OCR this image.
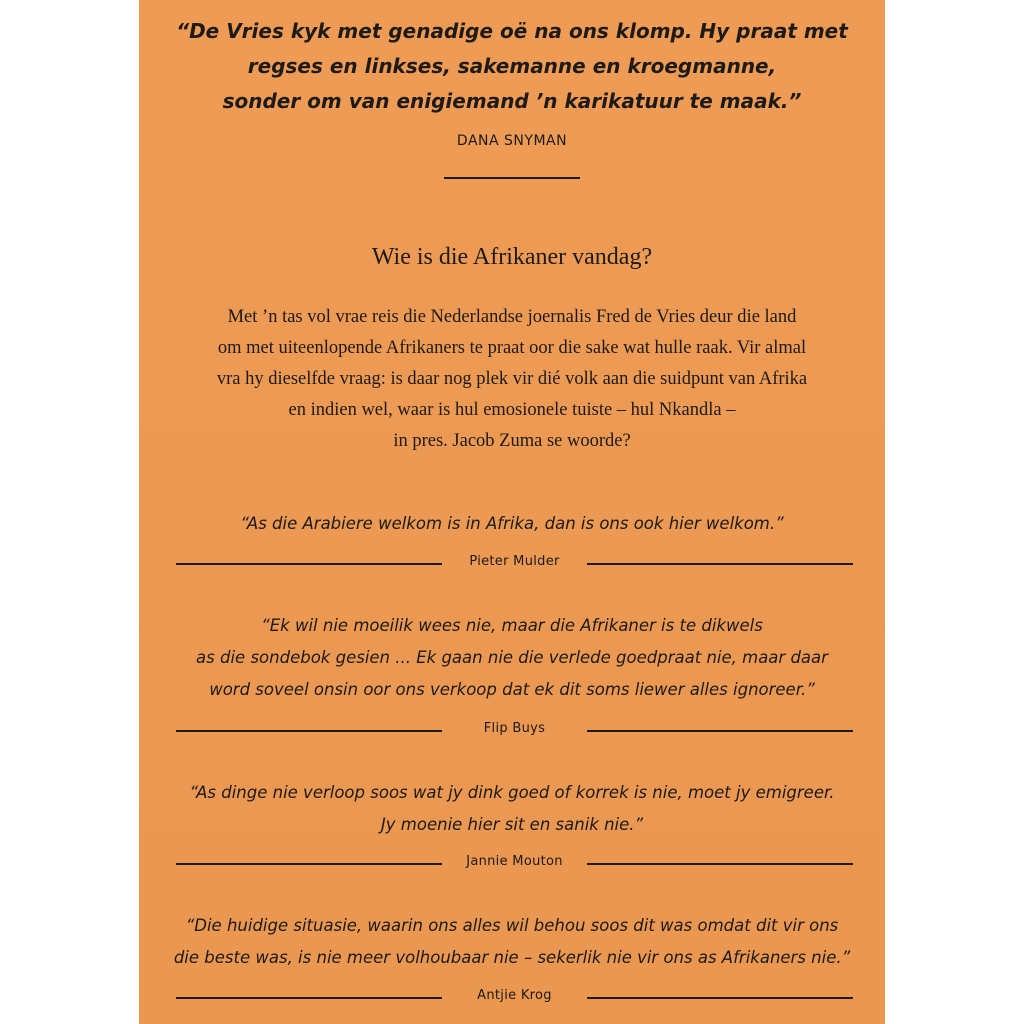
“De Vries kyk met genadige oë na ons klomp. Hy praat met
regses en linkses, sakemanne en kroegmanne,
sonder om van enigiemand ’n karikatuur te maak.”
DANA SNYMAN
Wie is die Afrikaner vandag?
Met ’n tas vol vrae reis die Nederlandse joernalis Fred de Vries deur die land
om met uiteenlopende Afrikaners te praat oor die sake wat hulle raak. Vir almal
vra hy dieselfde vraag: is daar nog plek vir dié volk aan die suidpunt van Afrika
en indien wel, waar is hul emosionele tuiste – hul Nkandla –
in pres. Jacob Zuma se woorde?
“As die Arabiere welkom is in Afrika, dan is ons ook hier welkom.”
Pieter Mulder
“Ek wil nie moeilik wees nie, maar die Afrikaner is te dikwels
as die sondebok gesien ... Ek gaan nie die verlede goedpraat nie, maar daar
word soveel onsin oor ons verkoop dat ek dit soms liewer alles ignoreer.”
Flip Buys
“As dinge nie verloop soos wat jy dink goed of korrek is nie, moet jy emigreer.
Jy moenie hier sit en sanik nie.”
Jannie Mouton
“Die huidige situasie, waarin ons alles wil behou soos dit was omdat dit vir ons
die beste was, is nie meer volhoubaar nie – sekerlik nie vir ons as Afrikaners nie.”
Antjie Krog
